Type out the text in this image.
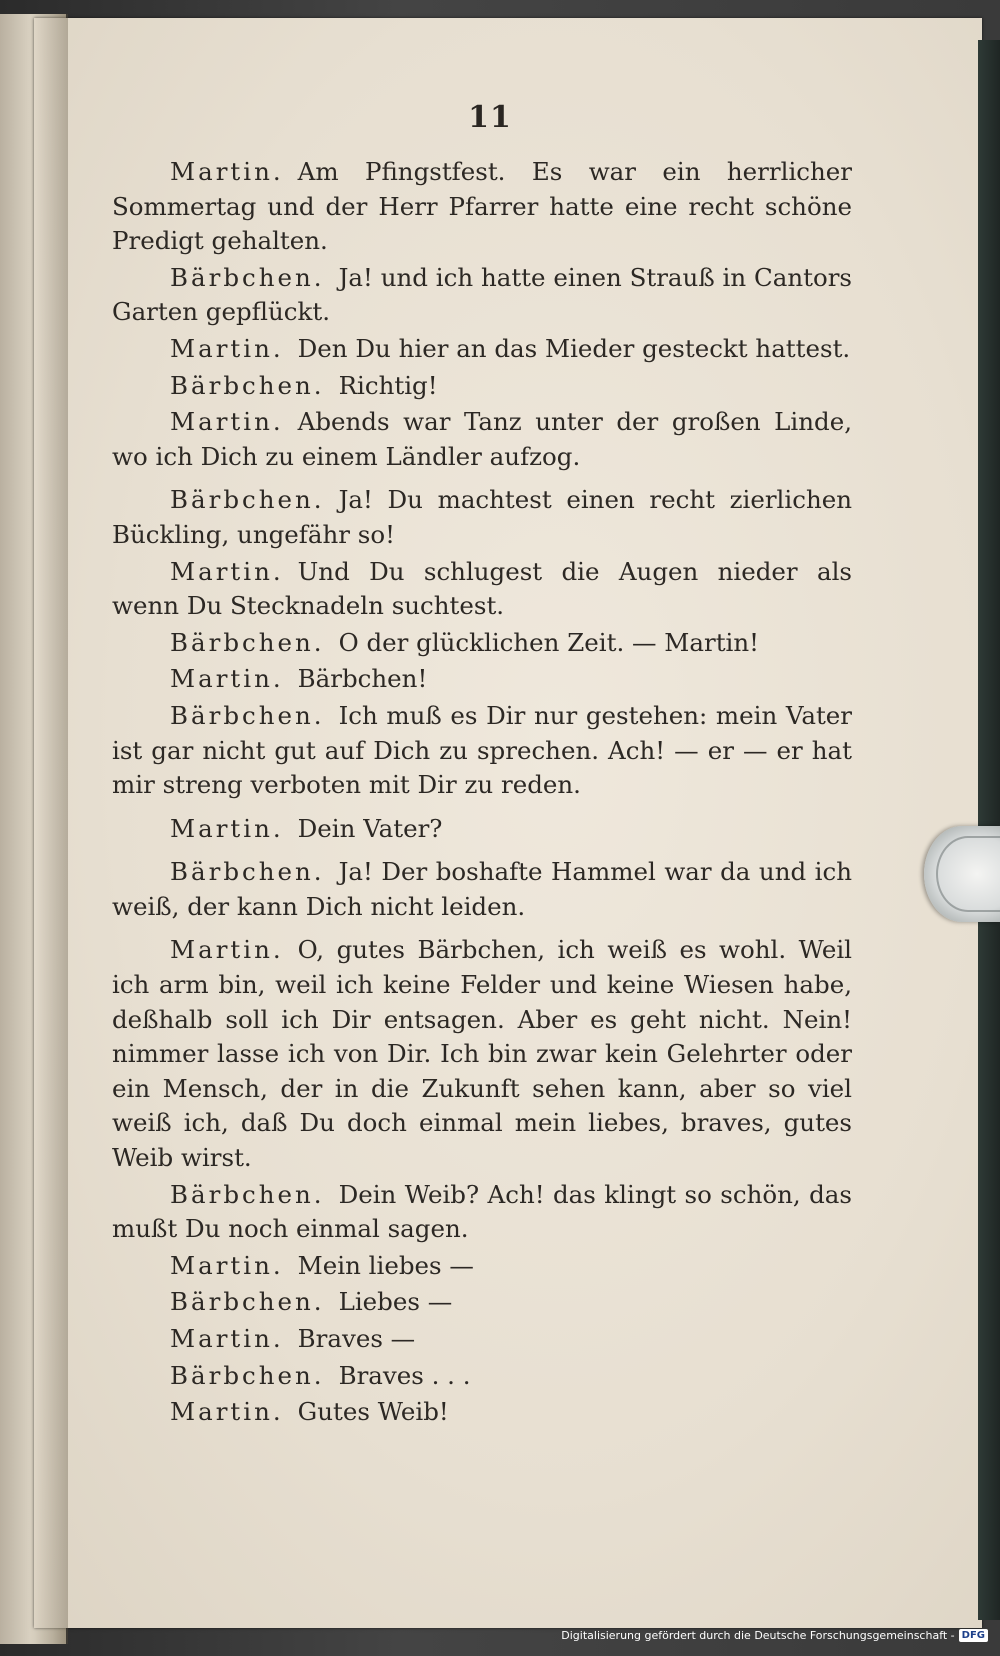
11

Martin. Am Pfingstfest. Es war ein herrlicher Sommertag und der Herr Pfarrer hatte eine recht schöne Predigt gehalten.

Bärbchen. Ja! und ich hatte einen Strauß in Cantors Garten gepflückt.

Martin. Den Du hier an das Mieder gesteckt hattest.

Bärbchen. Richtig!

Martin. Abends war Tanz unter der großen Linde, wo ich Dich zu einem Ländler aufzog.

Bärbchen. Ja! Du machtest einen recht zierlichen Bückling, ungefähr so!

Martin. Und Du schlugest die Augen nieder als wenn Du Stecknadeln suchtest.

Bärbchen. O der glücklichen Zeit. — Martin!

Martin. Bärbchen!

Bärbchen. Ich muß es Dir nur gestehen: mein Vater ist gar nicht gut auf Dich zu sprechen. Ach! — er — er hat mir streng verboten mit Dir zu reden.

Martin. Dein Vater?

Bärbchen. Ja! Der boshafte Hammel war da und ich weiß, der kann Dich nicht leiden.

Martin. O, gutes Bärbchen, ich weiß es wohl. Weil ich arm bin, weil ich keine Felder und keine Wiesen habe, deßhalb soll ich Dir entsagen. Aber es geht nicht. Nein! nimmer lasse ich von Dir. Ich bin zwar kein Gelehrter oder ein Mensch, der in die Zukunft sehen kann, aber so viel weiß ich, daß Du doch einmal mein liebes, braves, gutes Weib wirst.

Bärbchen. Dein Weib? Ach! das klingt so schön, das mußt Du noch einmal sagen.

Martin. Mein liebes —

Bärbchen. Liebes —

Martin. Braves —

Bärbchen. Braves . . .

Martin. Gutes Weib!

Digitalisierung gefördert durch die Deutsche Forschungsgemeinschaft - DFG
